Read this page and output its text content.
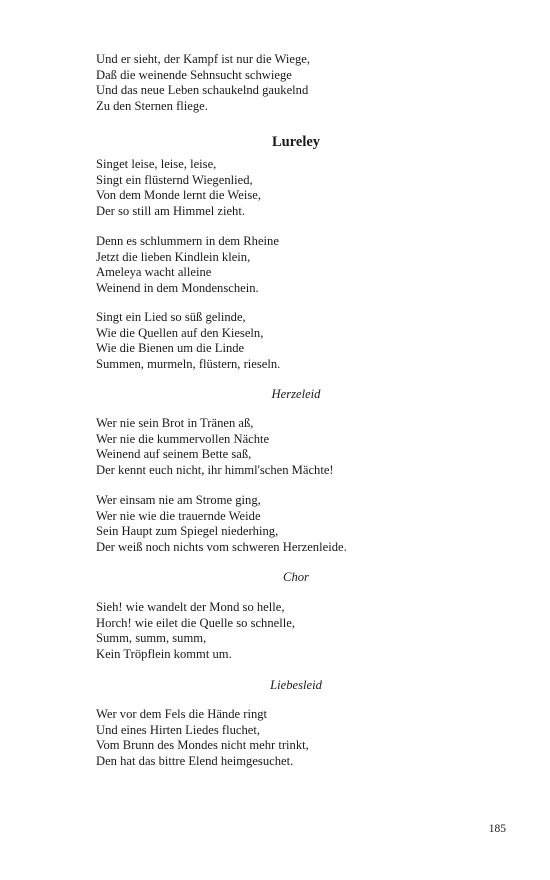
Und er sieht, der Kampf ist nur die Wiege,
Daß die weinende Sehnsucht schwiege
Und das neue Leben schaukelnd gaukelnd
Zu den Sternen fliege.
Lureley
Singet leise, leise, leise,
Singt ein flüsternd Wiegenlied,
Von dem Monde lernt die Weise,
Der so still am Himmel zieht.
Denn es schlummern in dem Rheine
Jetzt die lieben Kindlein klein,
Ameleya wacht alleine
Weinend in dem Mondenschein.
Singt ein Lied so süß gelinde,
Wie die Quellen auf den Kieseln,
Wie die Bienen um die Linde
Summen, murmeln, flüstern, rieseln.
Herzeleid
Wer nie sein Brot in Tränen aß,
Wer nie die kummervollen Nächte
Weinend auf seinem Bette saß,
Der kennt euch nicht, ihr himml'schen Mächte!
Wer einsam nie am Strome ging,
Wer nie wie die trauernde Weide
Sein Haupt zum Spiegel niederhing,
Der weiß noch nichts vom schweren Herzenleide.
Chor
Sieh! wie wandelt der Mond so helle,
Horch! wie eilet die Quelle so schnelle,
Summ, summ, summ,
Kein Tröpflein kommt um.
Liebesleid
Wer vor dem Fels die Hände ringt
Und eines Hirten Liedes fluchet,
Vom Brunn des Mondes nicht mehr trinkt,
Den hat das bittre Elend heimgesuchet.
185
